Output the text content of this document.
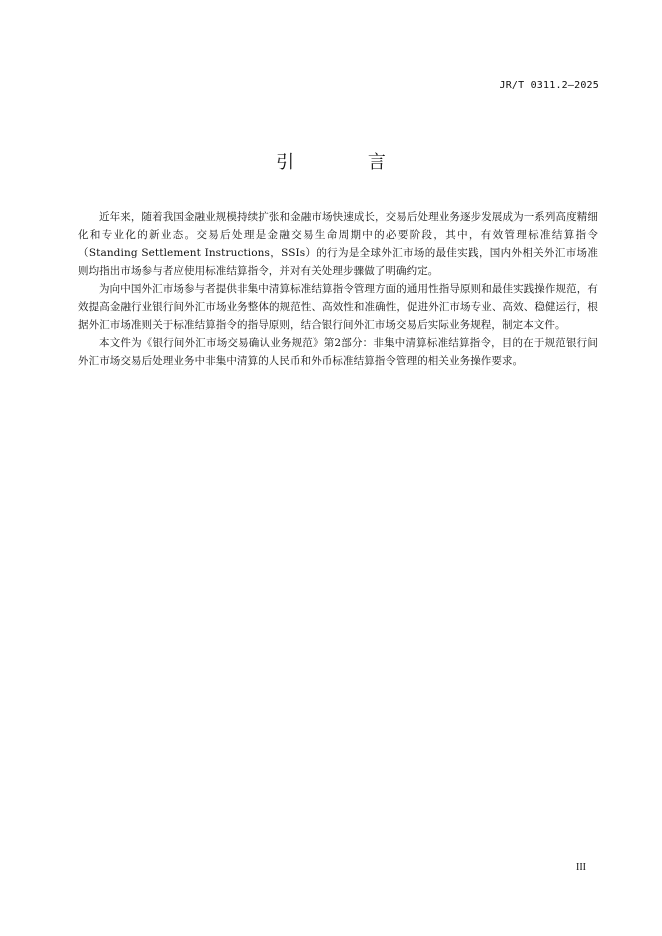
JR/T 0311.2—2025
引 言

近年来，随着我国金融业规模持续扩张和金融市场快速成长，交易后处理业务逐步发展成为一系列高度精细化和专业化的新业态。交易后处理是金融交易生命周期中的必要阶段，其中，有效管理标准结算指令（Standing Settlement Instructions，SSIs）的行为是全球外汇市场的最佳实践，国内外相关外汇市场准则均指出市场参与者应使用标准结算指令，并对有关处理步骤做了明确约定。

为向中国外汇市场参与者提供非集中清算标准结算指令管理方面的通用性指导原则和最佳实践操作规范，有效提高金融行业银行间外汇市场业务整体的规范性、高效性和准确性，促进外汇市场专业、高效、稳健运行，根据外汇市场准则关于标准结算指令的指导原则，结合银行间外汇市场交易后实际业务规程，制定本文件。

本文件为《银行间外汇市场交易确认业务规范》第2部分：非集中清算标准结算指令，目的在于规范银行间外汇市场交易后处理业务中非集中清算的人民币和外币标准结算指令管理的相关业务操作要求。

III
